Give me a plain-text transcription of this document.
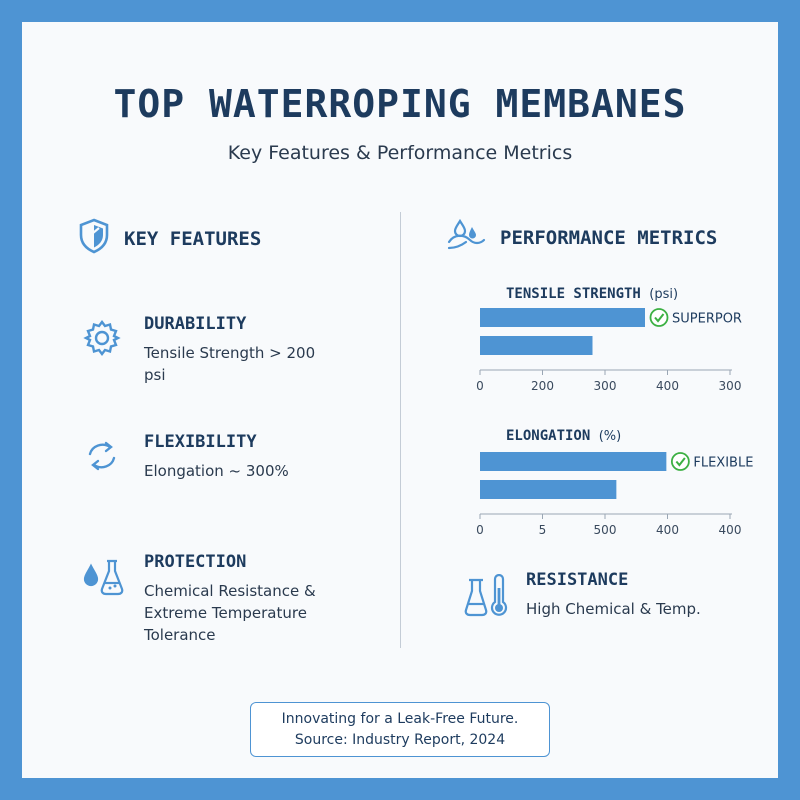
TOP WATERROPING MEMBANES
Key Features & Performance Metrics
KEY FEATURES
DURABILITY
Tensile Strength > 200 psi
FLEXIBILITY
Elongation ~ 300%
PROTECTION
Chemical Resistance & Extreme Temperature Tolerance
PERFORMANCE METRICS
TENSILE STRENGTH (psi)
SUPERPOR
0	200	300	400	300
ELONGATION (%)
FLEXIBLE
0	5	500	400	400
RESISTANCE
High Chemical & Temp.
Innovating for a Leak-Free Future.
Source: Industry Report, 2024
